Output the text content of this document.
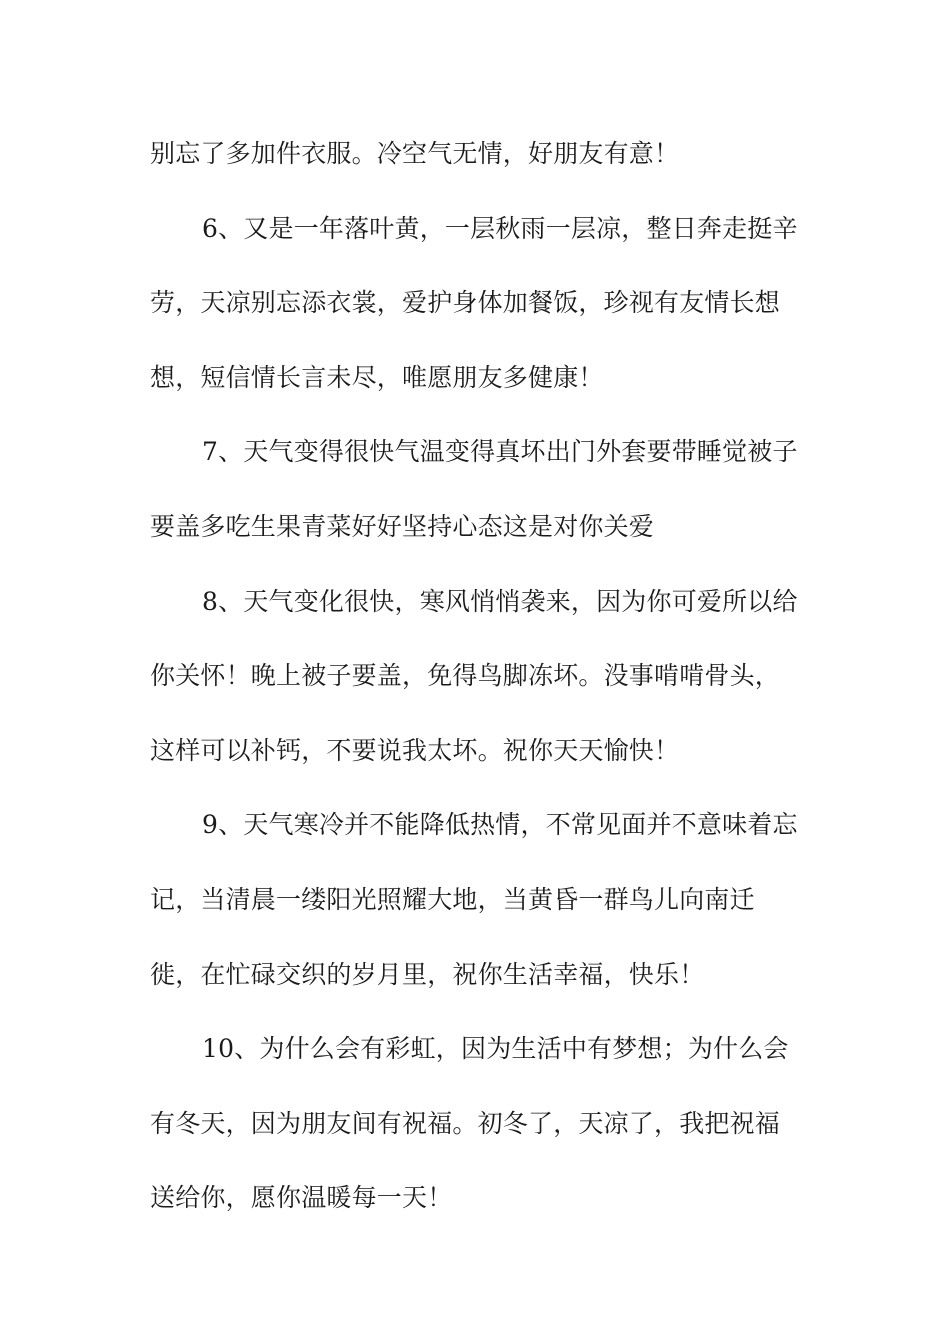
别忘了多加件衣服。冷空气无情，好朋友有意！
6、又是一年落叶黄，一层秋雨一层凉，整日奔走挺辛
劳，天凉别忘添衣裳，爱护身体加餐饭，珍视有友情长想
想，短信情长言未尽，唯愿朋友多健康！
7、天气变得很快气温变得真坏出门外套要带睡觉被子
要盖多吃生果青菜好好坚持心态这是对你关爱
8、天气变化很快，寒风悄悄袭来，因为你可爱所以给
你关怀！晚上被子要盖，免得鸟脚冻坏。没事啃啃骨头，
这样可以补钙，不要说我太坏。祝你天天愉快！
9、天气寒冷并不能降低热情，不常见面并不意味着忘
记，当清晨一缕阳光照耀大地，当黄昏一群鸟儿向南迁
徙，在忙碌交织的岁月里，祝你生活幸福，快乐！
10、为什么会有彩虹，因为生活中有梦想；为什么会
有冬天，因为朋友间有祝福。初冬了，天凉了，我把祝福
送给你，愿你温暖每一天！
